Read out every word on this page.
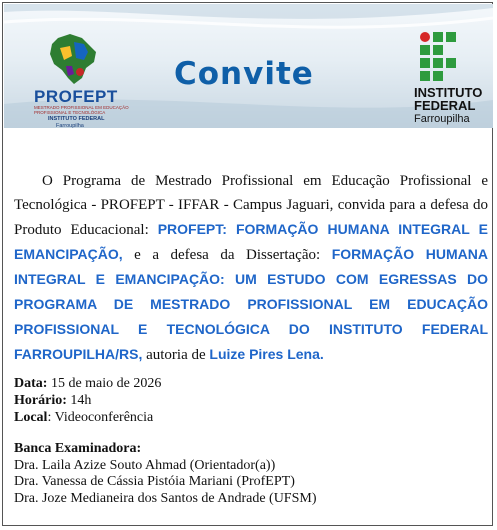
PROFEPT
MESTRADO PROFISSIONAL EM EDUCAÇÃO PROFISSIONAL E TECNOLÓGICA
INSTITUTO FEDERAL
Farroupilha
Convite
INSTITUTO
FEDERAL
Farroupilha
O Programa de Mestrado Profissional em Educação Profissional e Tecnológica - PROFEPT - IFFAR - Campus Jaguari, convida para a defesa do Produto Educacional: PROFEPT: FORMAÇÃO HUMANA INTEGRAL E EMANCIPAÇÃO, e a defesa da Dissertação: FORMAÇÃO HUMANA INTEGRAL E EMANCIPAÇÃO: UM ESTUDO COM EGRESSAS DO PROGRAMA DE MESTRADO PROFISSIONAL EM EDUCAÇÃO PROFISSIONAL E TECNOLÓGICA DO INSTITUTO FEDERAL FARROUPILHA/RS, autoria de Luize Pires Lena.
Data: 15 de maio de 2026
Horário: 14h
Local: Videoconferência
Banca Examinadora:
Dra. Laila Azize Souto Ahmad (Orientador(a))
Dra. Vanessa de Cássia Pistóia Mariani (ProfEPT)
Dra. Joze Medianeira dos Santos de Andrade (UFSM)
